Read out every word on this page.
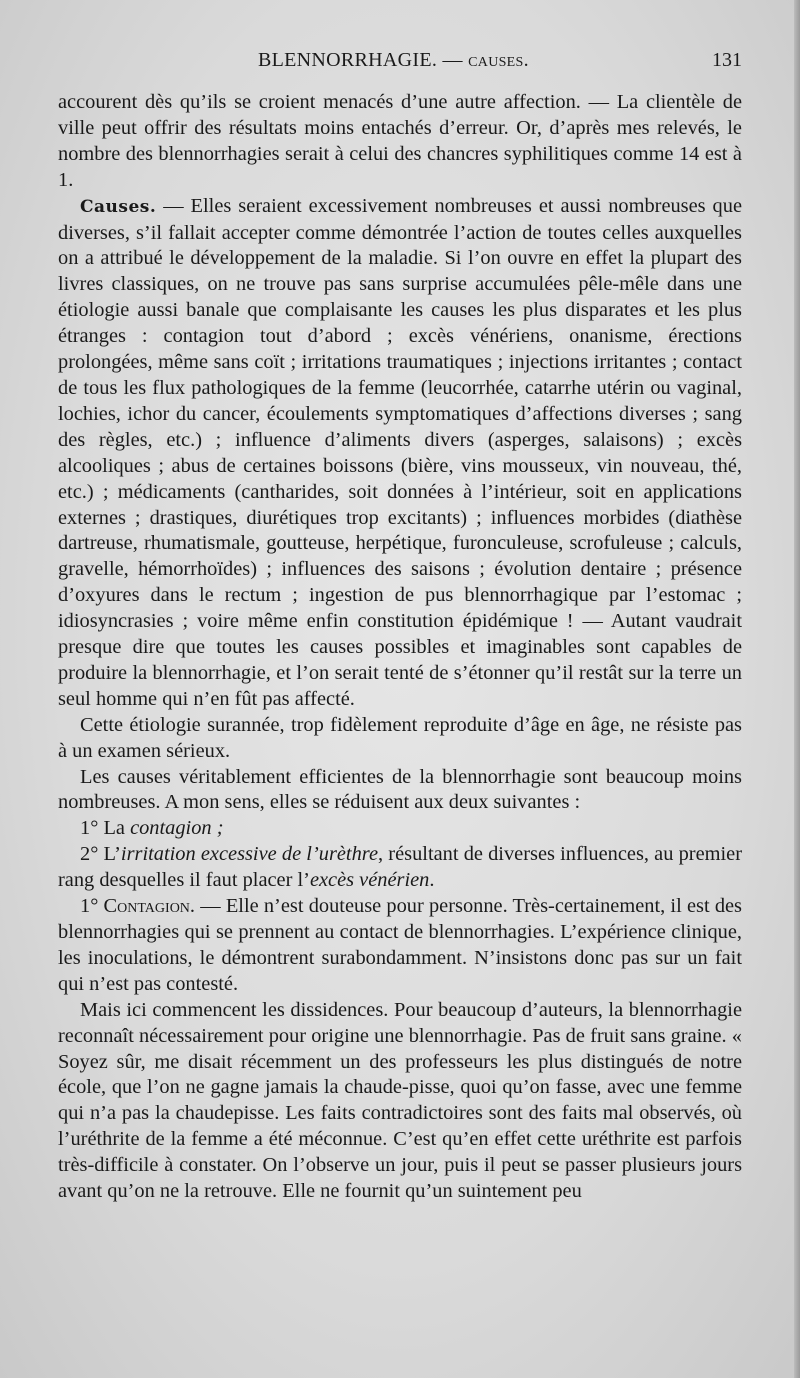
BLENNORRHAGIE. — causes.	131

accourent dès qu’ils se croient menacés d’une autre affection. — La clientèle de ville peut offrir des résultats moins entachés d’erreur. Or, d’après mes relevés, le nombre des blennorrhagies serait à celui des chancres syphilitiques comme 14 est à 1.

Causes. — Elles seraient excessivement nombreuses et aussi nombreuses que diverses, s’il fallait accepter comme démontrée l’action de toutes celles auxquelles on a attribué le développement de la maladie. Si l’on ouvre en effet la plupart des livres classiques, on ne trouve pas sans surprise accumulées pêle-mêle dans une étiologie aussi banale que complaisante les causes les plus disparates et les plus étranges : contagion tout d’abord ; excès vénériens, onanisme, érections prolongées, même sans coït ; irritations traumatiques ; injections irritantes ; contact de tous les flux pathologiques de la femme (leucorrhée, catarrhe utérin ou vaginal, lochies, ichor du cancer, écoulements symptomatiques d’affections diverses ; sang des règles, etc.) ; influence d’aliments divers (asperges, salaisons) ; excès alcooliques ; abus de certaines boissons (bière, vins mousseux, vin nouveau, thé, etc.) ; médicaments (cantharides, soit données à l’intérieur, soit en applications externes ; drastiques, diurétiques trop excitants) ; influences morbides (diathèse dartreuse, rhumatismale, goutteuse, herpétique, furonculeuse, scrofuleuse ; calculs, gravelle, hémorrhoïdes) ; influences des saisons ; évolution dentaire ; présence d’oxyures dans le rectum ; ingestion de pus blennorrhagique par l’estomac ; idiosyncrasies ; voire même enfin constitution épidémique ! — Autant vaudrait presque dire que toutes les causes possibles et imaginables sont capables de produire la blennorrhagie, et l’on serait tenté de s’étonner qu’il restât sur la terre un seul homme qui n’en fût pas affecté.

Cette étiologie surannée, trop fidèlement reproduite d’âge en âge, ne résiste pas à un examen sérieux.

Les causes véritablement efficientes de la blennorrhagie sont beaucoup moins nombreuses. A mon sens, elles se réduisent aux deux suivantes :

1° La contagion ;

2° L’irritation excessive de l’urèthre, résultant de diverses influences, au premier rang desquelles il faut placer l’excès vénérien.

1° Contagion. — Elle n’est douteuse pour personne. Très-certainement, il est des blennorrhagies qui se prennent au contact de blennorrhagies. L’expérience clinique, les inoculations, le démontrent surabondamment. N’insistons donc pas sur un fait qui n’est pas contesté.

Mais ici commencent les dissidences. Pour beaucoup d’auteurs, la blennorrhagie reconnaît nécessairement pour origine une blennorrhagie. Pas de fruit sans graine. « Soyez sûr, me disait récemment un des professeurs les plus distingués de notre école, que l’on ne gagne jamais la chaude-pisse, quoi qu’on fasse, avec une femme qui n’a pas la chaudepisse. Les faits contradictoires sont des faits mal observés, où l’uréthrite de la femme a été méconnue. C’est qu’en effet cette uréthrite est parfois très-difficile à constater. On l’observe un jour, puis il peut se passer plusieurs jours avant qu’on ne la retrouve. Elle ne fournit qu’un suintement peu
